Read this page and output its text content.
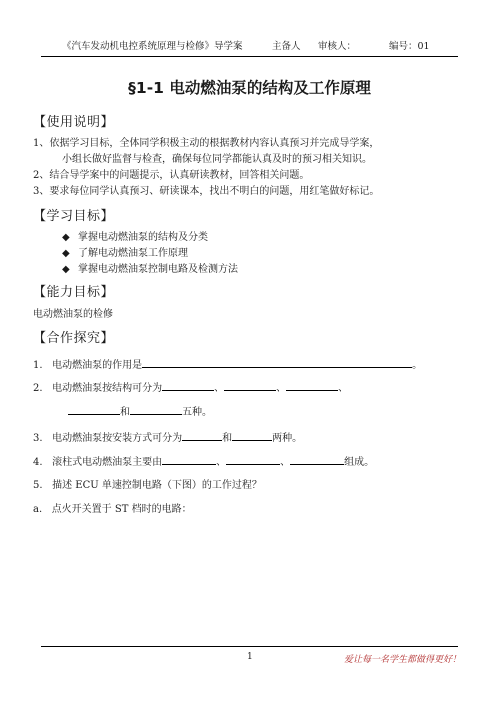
《汽车发动机电控系统原理与检修》导学案	主备人 审核人：	编号：01
§1-1 电动燃油泵的结构及工作原理
【使用说明】
1、依据学习目标，全体同学积极主动的根据教材内容认真预习并完成导学案，
小组长做好监督与检查，确保每位同学都能认真及时的预习相关知识。
2、结合导学案中的问题提示，认真研读教材，回答相关问题。
3、要求每位同学认真预习、研读课本，找出不明白的问题，用红笔做好标记。
【学习目标】
◆ 掌握电动燃油泵的结构及分类
◆ 了解电动燃油泵工作原理
◆ 掌握电动燃油泵控制电路及检测方法
【能力目标】
电动燃油泵的检修
【合作探究】
1. 电动燃油泵的作用是	。
2. 电动燃油泵按结构可分为	、	、	、
和	五种。
3. 电动燃油泵按安装方式可分为	和	两种。
4. 滚柱式电动燃油泵主要由	、	、	组成。
5. 描述 ECU 单速控制电路（下图）的工作过程？
a. 点火开关置于 ST 档时的电路：
1	爱让每一名学生都做得更好！
